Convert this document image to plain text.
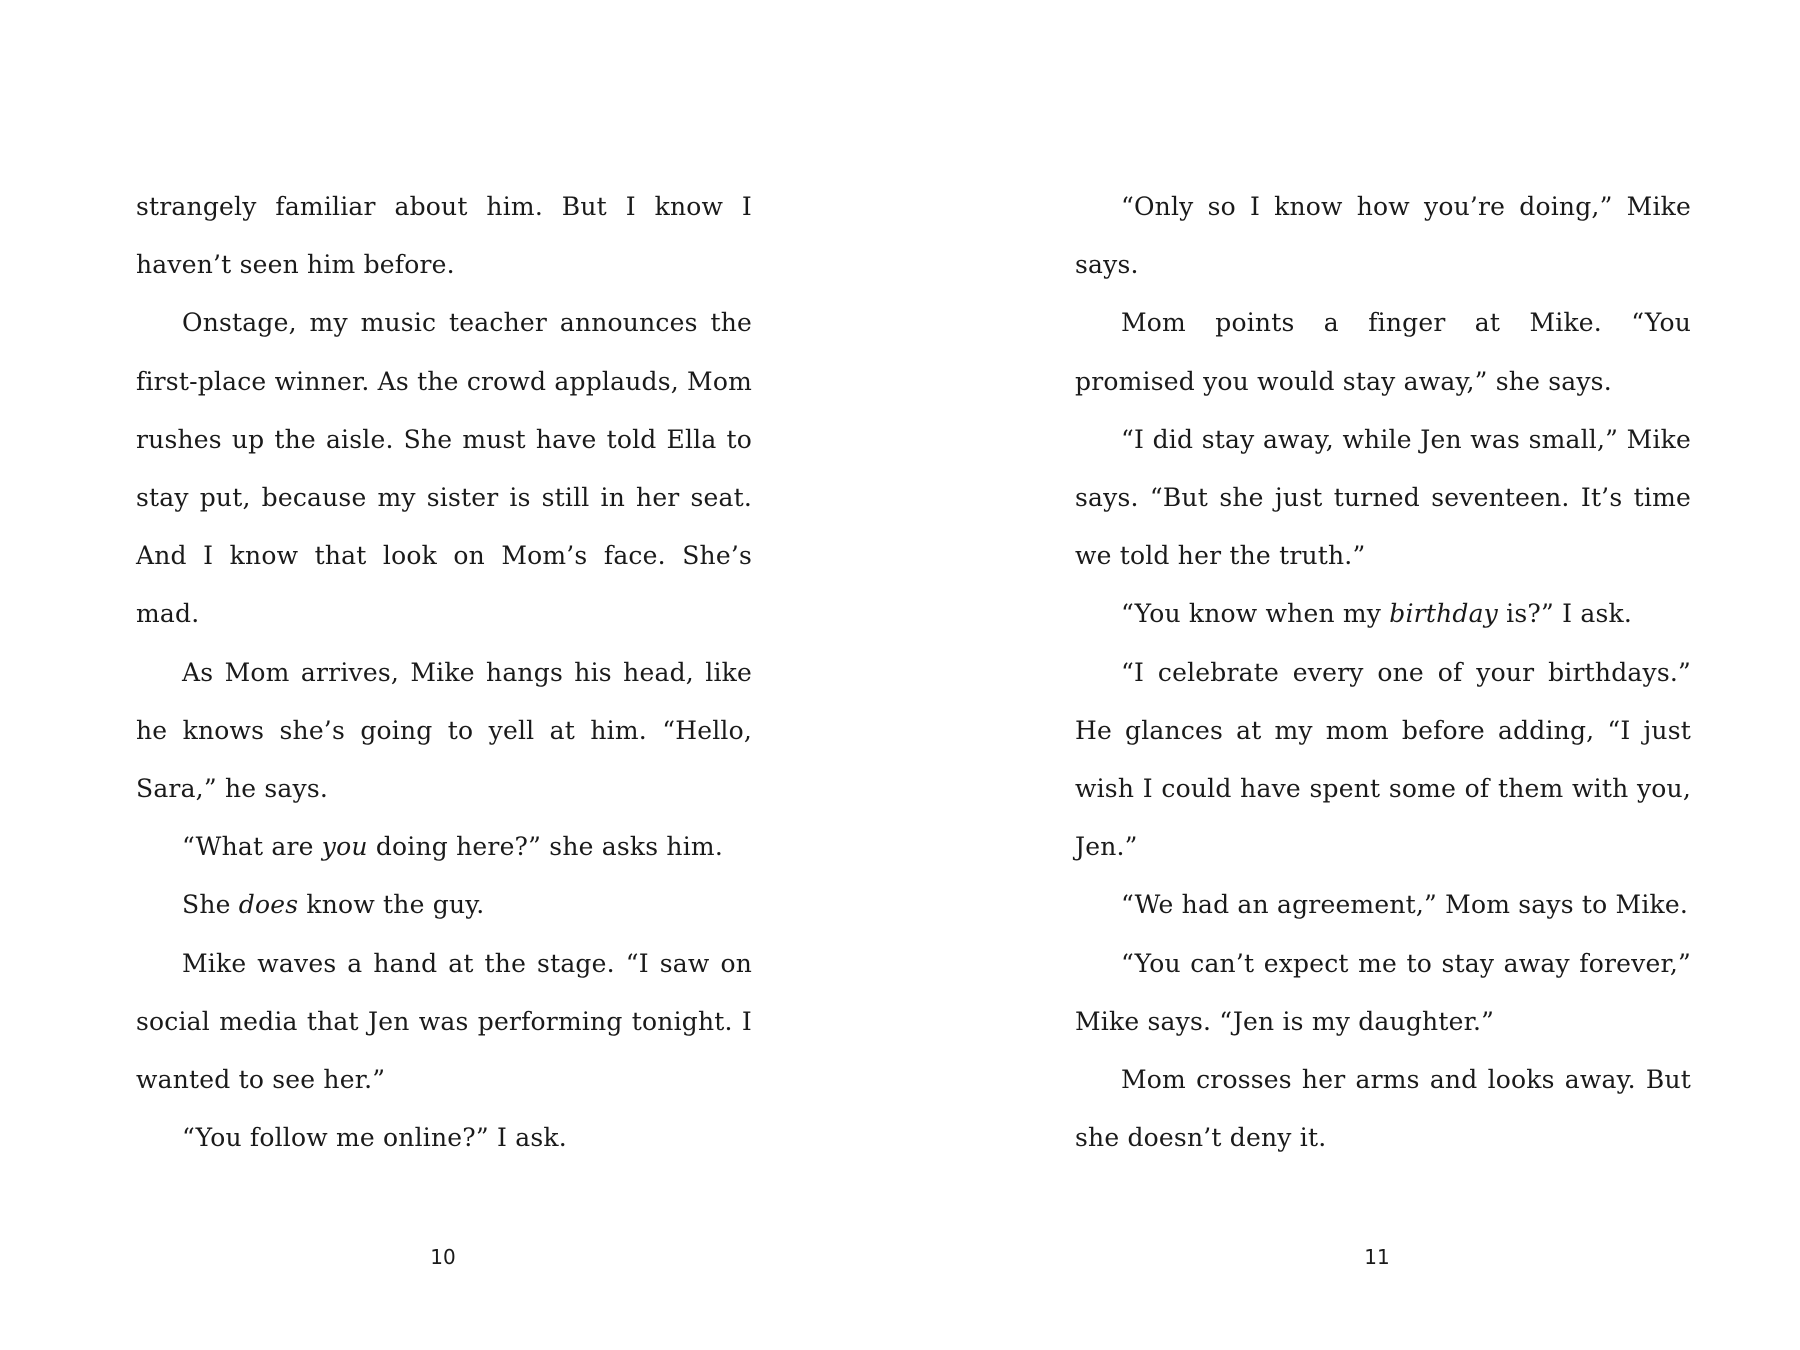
strangely familiar about him. But I know I haven’t seen him before.

Onstage, my music teacher announces the first-place winner. As the crowd applauds, Mom rushes up the aisle. She must have told Ella to stay put, because my sister is still in her seat. And I know that look on Mom’s face. She’s mad.

As Mom arrives, Mike hangs his head, like he knows she’s going to yell at him. “Hello, Sara,” he says.

“What are you doing here?” she asks him.

She does know the guy.

Mike waves a hand at the stage. “I saw on social media that Jen was performing tonight. I wanted to see her.”

“You follow me online?” I ask.

“Only so I know how you’re doing,” Mike says.

Mom points a finger at Mike. “You promised you would stay away,” she says.

“I did stay away, while Jen was small,” Mike says. “But she just turned seventeen. It’s time we told her the truth.”

“You know when my birthday is?” I ask.

“I celebrate every one of your birthdays.” He glances at my mom before adding, “I just wish I could have spent some of them with you, Jen.”

“We had an agreement,” Mom says to Mike.

“You can’t expect me to stay away forever,” Mike says. “Jen is my daughter.”

Mom crosses her arms and looks away. But she doesn’t deny it.

10	11
